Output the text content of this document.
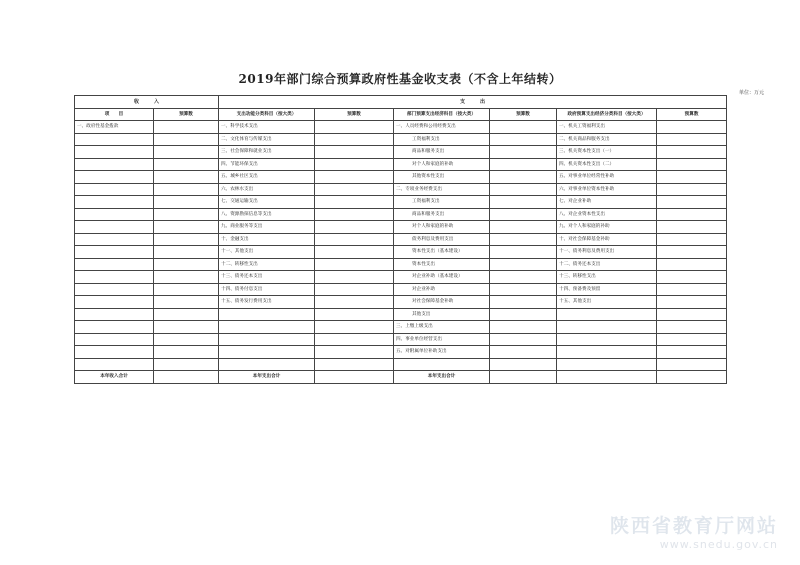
2019年部门综合预算政府性基金收支表（不含上年结转）
单位：万元
收　　　入		支　　　出					
项　　目	预算数	支出功能分类科目（按大类）	预算数	部门预算支出经济科目（按大类）	预算数	政府预算支出经济分类科目（按大类）	预算数
一、政府性基金拨款		一、科学技术支出		一、人员经费和公用经费支出		一、机关工资福利支出	
		二、文化体育与传媒支出		工资福利支出		二、机关商品和服务支出	
		三、社会保障和就业支出		商品和服务支出		三、机关资本性支出（一）	
		四、节能环保支出		对个人和家庭的补助		四、机关资本性支出（二）	
		五、城乡社区支出		其他资本性支出		五、对事业单位经常性补助	
		六、农林水支出		二、专项业务经费支出		六、对事业单位资本性补助	
		七、交通运输支出		工资福利支出		七、对企业补助	
		八、资源勘探信息等支出		商品和服务支出		八、对企业资本性支出	
		九、商业服务等支出		对个人和家庭的补助		九、对个人和家庭的补助	
		十、金融支出		债务利息及费用支出		十、对社会保障基金补助	
		十一、其他支出		资本性支出（基本建设）		十一、债务利息及费用支出	
		十二、转移性支出		资本性支出		十二、债务还本支出	
		十三、债务还本支出		对企业补助（基本建设）		十三、转移性支出	
		十四、债务付息支出		对企业补助		十四、预备费及预留	
		十五、债务发行费用支出		对社会保障基金补助		十五、其他支出	
				其他支出			
				三、上缴上级支出			
				四、事业单位经营支出			
				五、对附属单位补助支出			

本年收入合计		本年支出合计		本年支出合计			
陕西省教育厅网站
www.snedu.gov.cn
